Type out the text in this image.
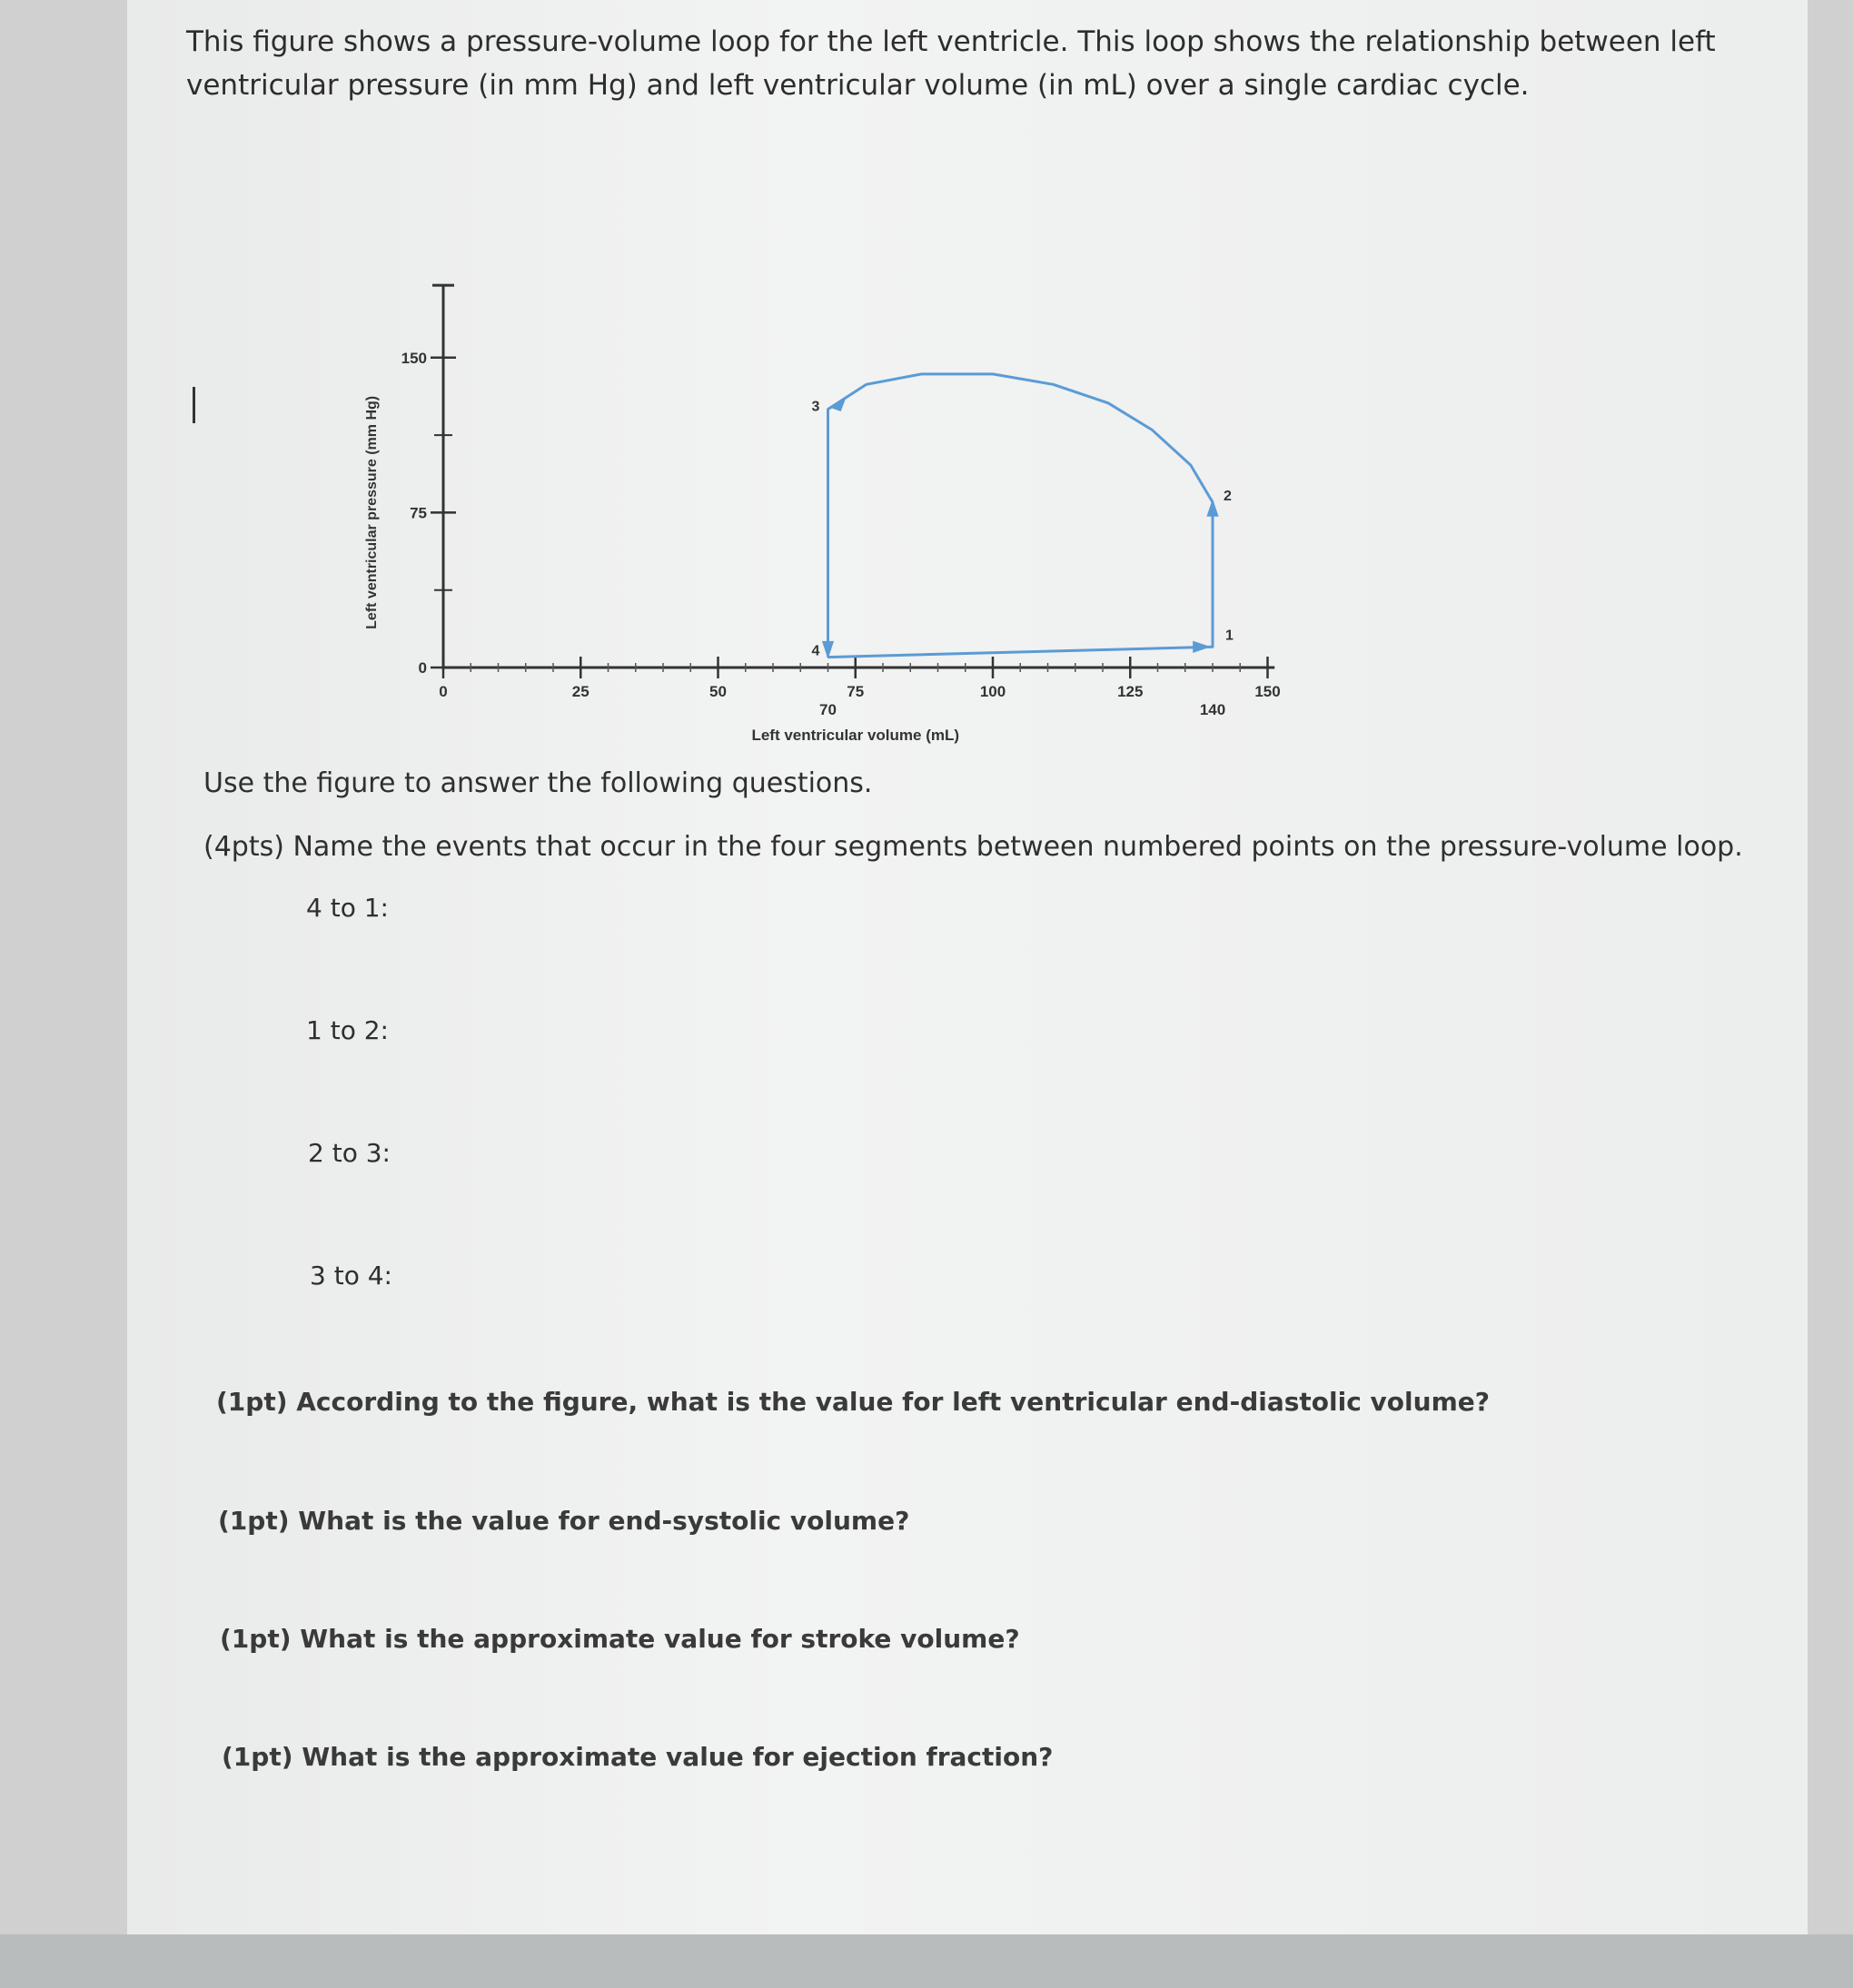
This figure shows a pressure-volume loop for the left ventricle. This loop shows the relationship between left ventricular pressure (in mm Hg) and left ventricular volume (in mL) over a single cardiac cycle.
Left ventricular volume (mL)
Left ventricular pressure (mm Hg)
0	25	50	75	100	125	150
70	140
0
75
150
4
1
2
3
Use the figure to answer the following questions.
(4pts) Name the events that occur in the four segments between numbered points on the pressure-volume loop.
4 to 1:
1 to 2:
2 to 3:
3 to 4:
(1pt) According to the figure, what is the value for left ventricular end-diastolic volume?
(1pt) What is the value for end-systolic volume?
(1pt) What is the approximate value for stroke volume?
(1pt) What is the approximate value for ejection fraction?
